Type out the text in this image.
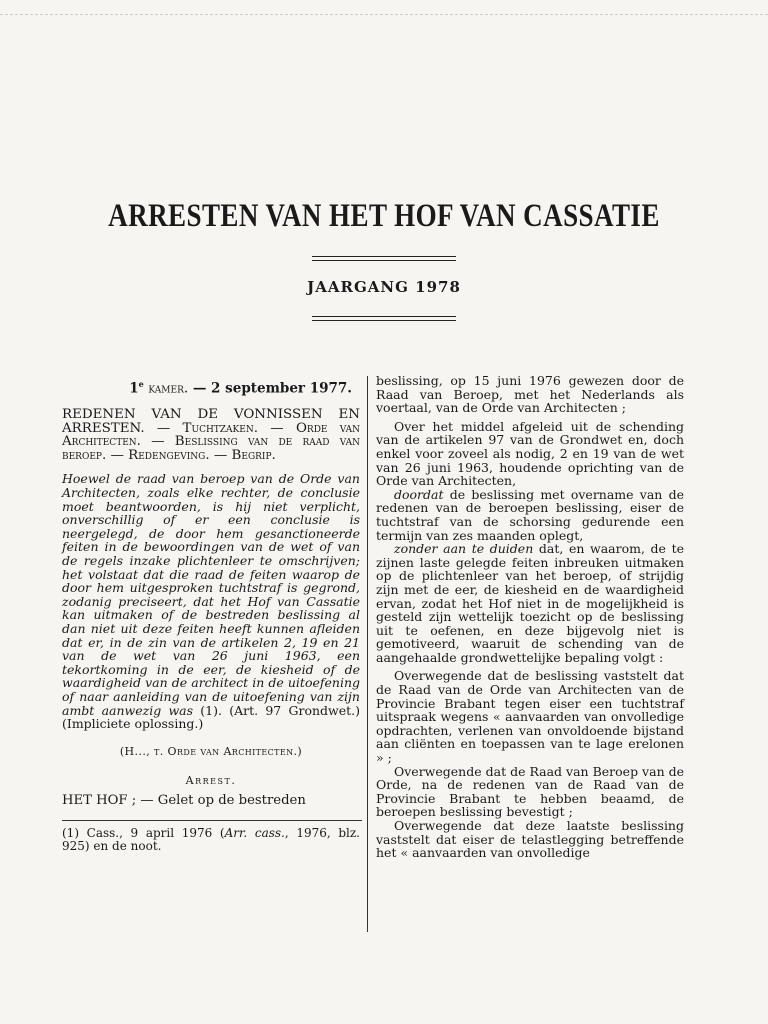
ARRESTEN VAN HET HOF VAN CASSATIE
JAARGANG 1978
1e kamer. — 2 september 1977.

REDENEN VAN DE VONNISSEN EN ARRESTEN. — Tuchtzaken. — Orde van Architecten. — Beslissing van de raad van beroep. — Redengeving. — Begrip.

Hoewel de raad van beroep van de Orde van Architecten, zoals elke rechter, de conclusie moet beantwoorden, is hij niet verplicht, onverschillig of er een conclusie is neergelegd, de door hem gesanctioneerde feiten in de bewoordingen van de wet of van de regels inzake plichtenleer te omschrijven; het volstaat dat die raad de feiten waarop de door hem uitgesproken tuchtstraf is gegrond, zodanig preciseert, dat het Hof van Cassatie kan uitmaken of de bestreden beslissing al dan niet uit deze feiten heeft kunnen afleiden dat er, in de zin van de artikelen 2, 19 en 21 van de wet van 26 juni 1963, een tekortkoming in de eer, de kiesheid of de waardigheid van de architect in de uitoefening of naar aanleiding van de uitoefening van zijn ambt aanwezig was (1). (Art. 97 Grondwet.) (Impliciete oplossing.)

(H..., t. Orde van Architecten.)
Arrest.
HET HOF ; — Gelet op de bestreden
(1) Cass., 9 april 1976 (Arr. cass., 1976, blz. 925) en de noot.

beslissing, op 15 juni 1976 gewezen door de Raad van Beroep, met het Nederlands als voertaal, van de Orde van Architecten ;

Over het middel afgeleid uit de schending van de artikelen 97 van de Grondwet en, doch enkel voor zoveel als nodig, 2 en 19 van de wet van 26 juni 1963, houdende oprichting van de Orde van Architecten,

doordat de beslissing met overname van de redenen van de beroepen beslissing, eiser de tuchtstraf van de schorsing gedurende een termijn van zes maanden oplegt,

zonder aan te duiden dat, en waarom, de te zijnen laste gelegde feiten inbreuken uitmaken op de plichtenleer van het beroep, of strijdig zijn met de eer, de kiesheid en de waardigheid ervan, zodat het Hof niet in de mogelijkheid is gesteld zijn wettelijk toezicht op de beslissing uit te oefenen, en deze bijgevolg niet is gemotiveerd, waaruit de schending van de aangehaalde grondwettelijke bepaling volgt :

Overwegende dat de beslissing vaststelt dat de Raad van de Orde van Architecten van de Provincie Brabant tegen eiser een tuchtstraf uitspraak wegens « aanvaarden van onvolledige opdrachten, verlenen van onvoldoende bijstand aan cliënten en toepassen van te lage erelonen » ;

Overwegende dat de Raad van Beroep van de Orde, na de redenen van de Raad van de Provincie Brabant te hebben beaamd, de beroepen beslissing bevestigt ;

Overwegende dat deze laatste beslissing vaststelt dat eiser de telastlegging betreffende het « aanvaarden van onvolledige
